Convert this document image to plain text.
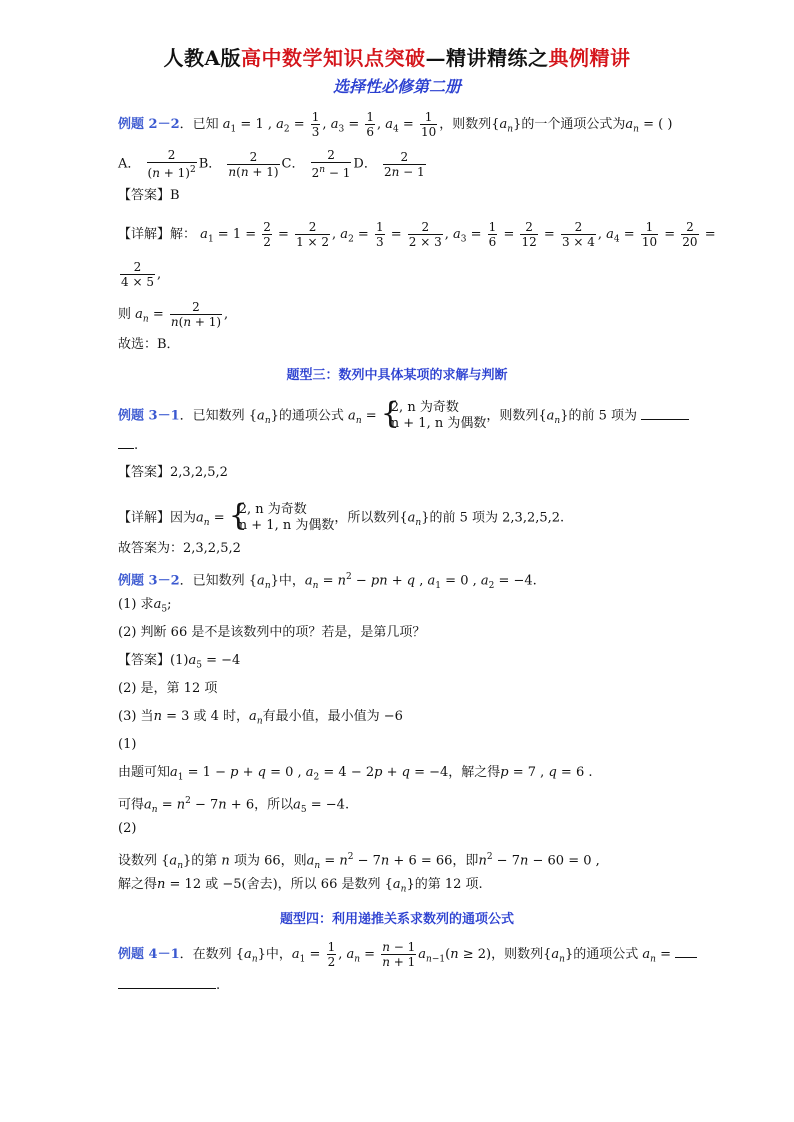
人教A版高中数学知识点突破—精讲精练之典例精讲
选择性必修第二册
例题 2－2．已知 $a_1 = 1$ , $a_2 = \frac{1}{3}$ , $a_3 = \frac{1}{6}$ , $a_4 = \frac{1}{10}$ ，则数列$\{a_n\}$的一个通项公式为$a_n$ = ( )
A． $\frac{2}{(n + 1)^2}$ B． $\frac{2}{n(n + 1)}$ C． $\frac{2}{2^n - 1}$ D． $\frac{2}{2n - 1}$
【答案】B
【详解】解： $a_1 = 1 = \frac{2}{2} = \frac{2}{1 \times 2}$ , $a_2 = \frac{1}{3} = \frac{2}{2 \times 3}$ , $a_3 = \frac{1}{6} = \frac{2}{12} = \frac{2}{3 \times 4}$ , $a_4 = \frac{1}{10} = \frac{2}{20}$ =
$\frac{2}{4 \times 5}$ ,
则 $a_n = \frac{2}{n(n + 1)}$ ,
故选：B．
题型三：数列中具体某项的求解与判断
例题 3－1．已知数列 $\{a_n\}$的通项公式 $a_n$ = {
2, n 为奇数
n + 1, n 为偶数 ，则数列$\{a_n\}$的前 5 项为
.
【答案】2,3,2,5,2
【详解】因为$a_n$ = {
2, n 为奇数
n + 1, n 为偶数 ，所以数列$\{a_n\}$的前 5 项为 2,3,2,5,2.
故答案为：2,3,2,5,2
例题 3－2．已知数列 $\{a_n\}$中，$a_n = n^2$ − pn + q , $a_1 = 0$ , $a_2 = -4$.
(1) 求$a_5$;
(2) 判断 66 是不是该数列中的项？若是，是第几项？
【答案】$(1)a_5 = -4$
(2) 是，第 12 项
(3) 当n = 3 或 4 时，$a_n$有最小值，最小值为 −6
(1)
由题可知$a_1 = 1 - p + q = 0$ , $a_2 = 4 - 2p + q = -4$，解之得p = 7 , q = 6 .
可得$a_n = n^2 - 7n + 6$，所以$a_5 = -4$.
(2)
设数列 $\{a_n\}$的第 n 项为 66，则$a_n = n^2 - 7n + 6 = 66$，即$n^2 - 7n - 60 = 0$ ,
解之得n = 12 或 −5(舍去)，所以 66 是数列 $\{a_n\}$的第 12 项.
题型四：利用递推关系求数列的通项公式
例题 4－1．在数列 $\{a_n\}$中，$a_1 = \frac{1}{2}$ , $a_n = \frac{n - 1}{n + 1} a_{n-1}(n \ge 2)$，则数列$\{a_n\}$的通项公式 $a_n$ =
.
